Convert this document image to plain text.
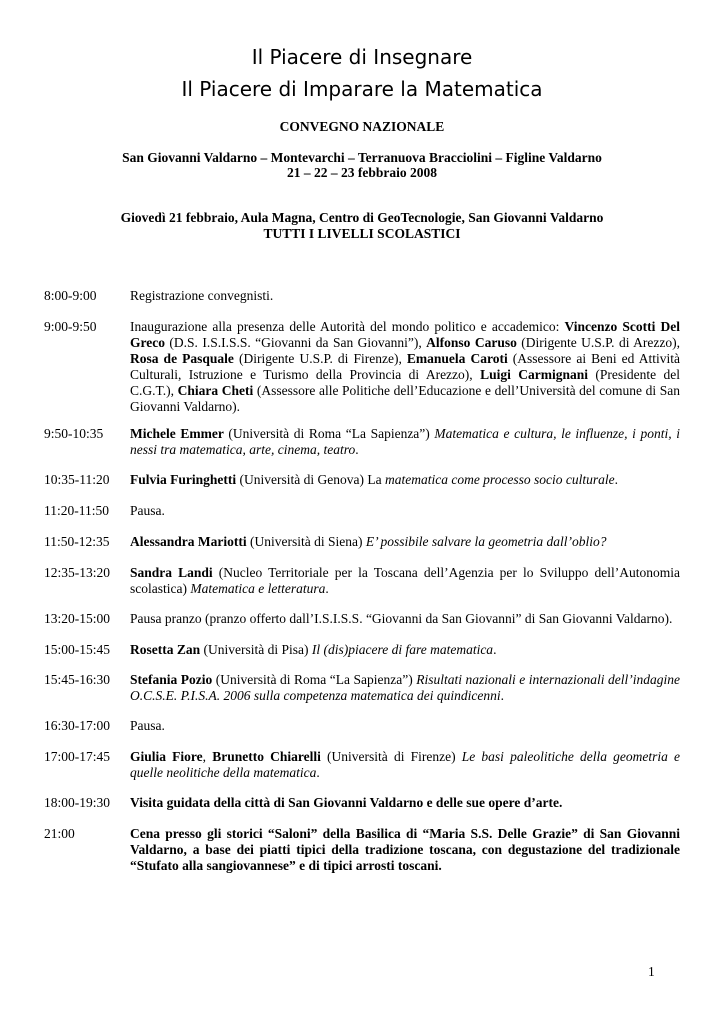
Il Piacere di Insegnare
Il Piacere di Imparare la Matematica
CONVEGNO NAZIONALE
San Giovanni Valdarno – Montevarchi – Terranuova Bracciolini – Figline Valdarno
21 – 22 – 23 febbraio 2008
Giovedì 21 febbraio, Aula Magna, Centro di GeoTecnologie, San Giovanni Valdarno
TUTTI I LIVELLI SCOLASTICI
8:00-9:00	Registrazione convegnisti.
9:00-9:50	Inaugurazione alla presenza delle Autorità del mondo politico e accademico: Vincenzo Scotti Del Greco (D.S. I.S.I.S.S. “Giovanni da San Giovanni”), Alfonso Caruso (Dirigente U.S.P. di Arezzo), Rosa de Pasquale (Dirigente U.S.P. di Firenze), Emanuela Caroti (Assessore ai Beni ed Attività Culturali, Istruzione e Turismo della Provincia di Arezzo), Luigi Carmignani (Presidente del C.G.T.), Chiara Cheti (Assessore alle Politiche dell’Educazione e dell’Università del comune di San Giovanni Valdarno).
9:50-10:35	Michele Emmer (Università di Roma “La Sapienza”) Matematica e cultura, le influenze, i ponti, i nessi tra matematica, arte, cinema, teatro.
10:35-11:20	Fulvia Furinghetti (Università di Genova) La matematica come processo socio culturale.
11:20-11:50	Pausa.
11:50-12:35	Alessandra Mariotti (Università di Siena) E’ possibile salvare la geometria dall’oblio?
12:35-13:20	Sandra Landi (Nucleo Territoriale per la Toscana dell’Agenzia per lo Sviluppo dell’Autonomia scolastica) Matematica e letteratura.
13:20-15:00	Pausa pranzo (pranzo offerto dall’I.S.I.S.S. “Giovanni da San Giovanni” di San Giovanni Valdarno).
15:00-15:45	Rosetta Zan (Università di Pisa) Il (dis)piacere di fare matematica.
15:45-16:30	Stefania Pozio (Università di Roma “La Sapienza”) Risultati nazionali e internazionali dell’indagine O.C.S.E. P.I.S.A. 2006 sulla competenza matematica dei quindicenni.
16:30-17:00	Pausa.
17:00-17:45	Giulia Fiore, Brunetto Chiarelli (Università di Firenze) Le basi paleolitiche della geometria e quelle neolitiche della matematica.
18:00-19:30	Visita guidata della città di San Giovanni Valdarno e delle sue opere d’arte.
21:00	Cena presso gli storici “Saloni” della Basilica di “Maria S.S. Delle Grazie” di San Giovanni Valdarno, a base dei piatti tipici della tradizione toscana, con degustazione del tradizionale “Stufato alla sangiovannese” e di tipici arrosti toscani.
1
